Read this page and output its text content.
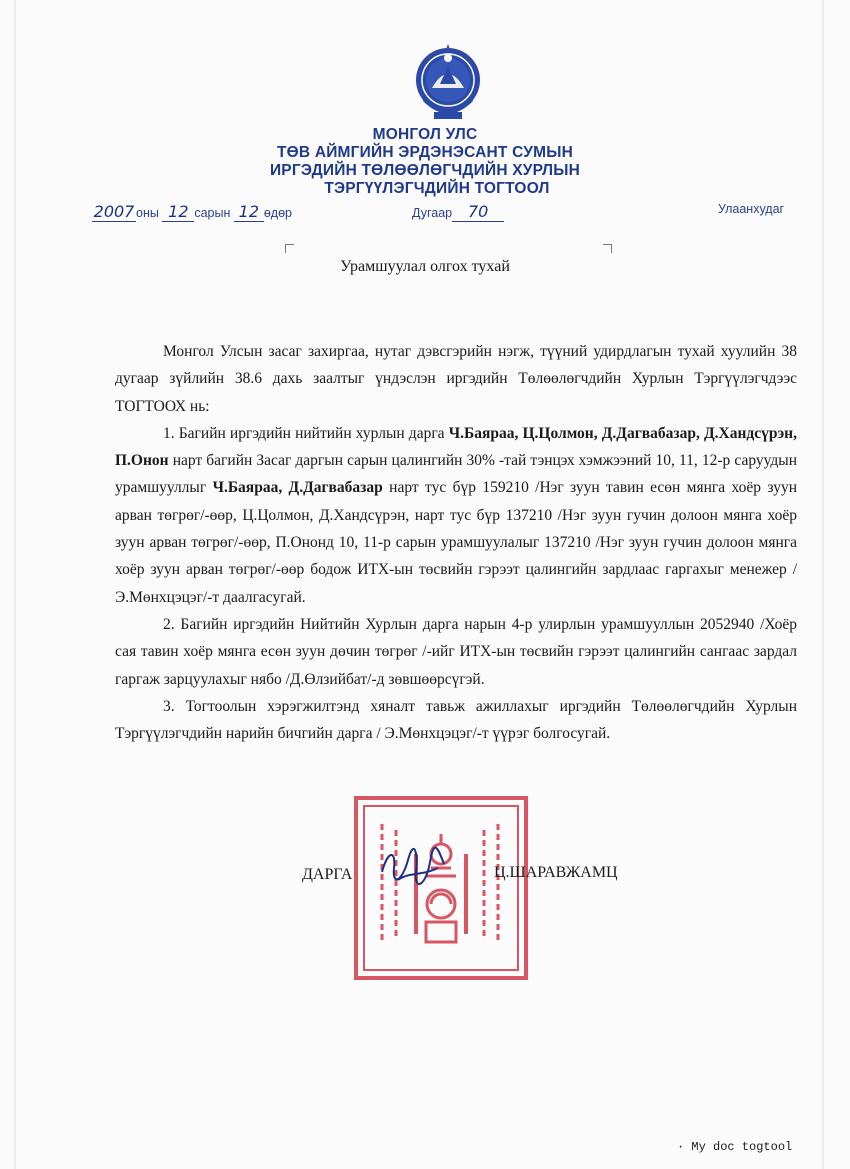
МОНГОЛ УЛС
ТӨВ АЙМГИЙН ЭРДЭНЭСАНТ СУМЫН
ИРГЭДИЙН ТӨЛӨӨЛӨГЧДИЙН ХУРЛЫН
ТЭРГҮҮЛЭГЧДИЙН ТОГТООЛ
2007 оны 12 сарын 12 өдөр	Дугаар 70	Улаанхудаг
Урамшуулал олгох тухай

Монгол Улсын засаг захиргаа, нутаг дэвсгэрийн нэгж, түүний удирдлагын тухай хуулийн 38 дугаар зүйлийн 38.6 дахь заалтыг үндэслэн иргэдийн Төлөөлөгчдийн Хурлын Тэргүүлэгчдээс ТОГТООХ нь:

1. Багийн иргэдийн нийтийн хурлын дарга Ч.Баяраа, Ц.Цолмон, Д.Дагвабазар, Д.Хандсүрэн, П.Онон нарт багийн Засаг даргын сарын цалингийн 30% -тай тэнцэх хэмжээний 10, 11, 12-р саруудын урамшууллыг Ч.Баяраа, Д.Дагвабазар нарт тус бүр 159210 /Нэг зуун тавин есөн мянга хоёр зуун арван төгрөг/-өөр, Ц.Цолмон, Д.Хандсүрэн, нарт тус бүр 137210 /Нэг зуун гучин долоон мянга хоёр зуун арван төгрөг/-өөр, П.Ононд 10, 11-р сарын урамшуулалыг 137210 /Нэг зуун гучин долоон мянга хоёр зуун арван төгрөг/-өөр бодож ИТХ-ын төсвийн гэрээт цалингийн зардлаас гаргахыг менежер /Э.Мөнхцэцэг/-т даалгасугай.

2. Багийн иргэдийн Нийтийн Хурлын дарга нарын 4-р улирлын урамшууллын 2052940 /Хоёр сая тавин хоёр мянга есөн зуун дөчин төгрөг /-ийг ИТХ-ын төсвийн гэрээт цалингийн сангаас зардал гаргаж зарцуулахыг нябо /Д.Өлзийбат/-д зөвшөөрсүгэй.

3. Тогтоолын хэрэгжилтэнд хяналт тавьж ажиллахыг иргэдийн Төлөөлөгчдийн Хурлын Тэргүүлэгчдийн нарийн бичгийн дарга / Э.Мөнхцэцэг/-т үүрэг болгосугай.

ДАРГА	Ц.ШАРАВЖАМЦ
· My doc togtool
